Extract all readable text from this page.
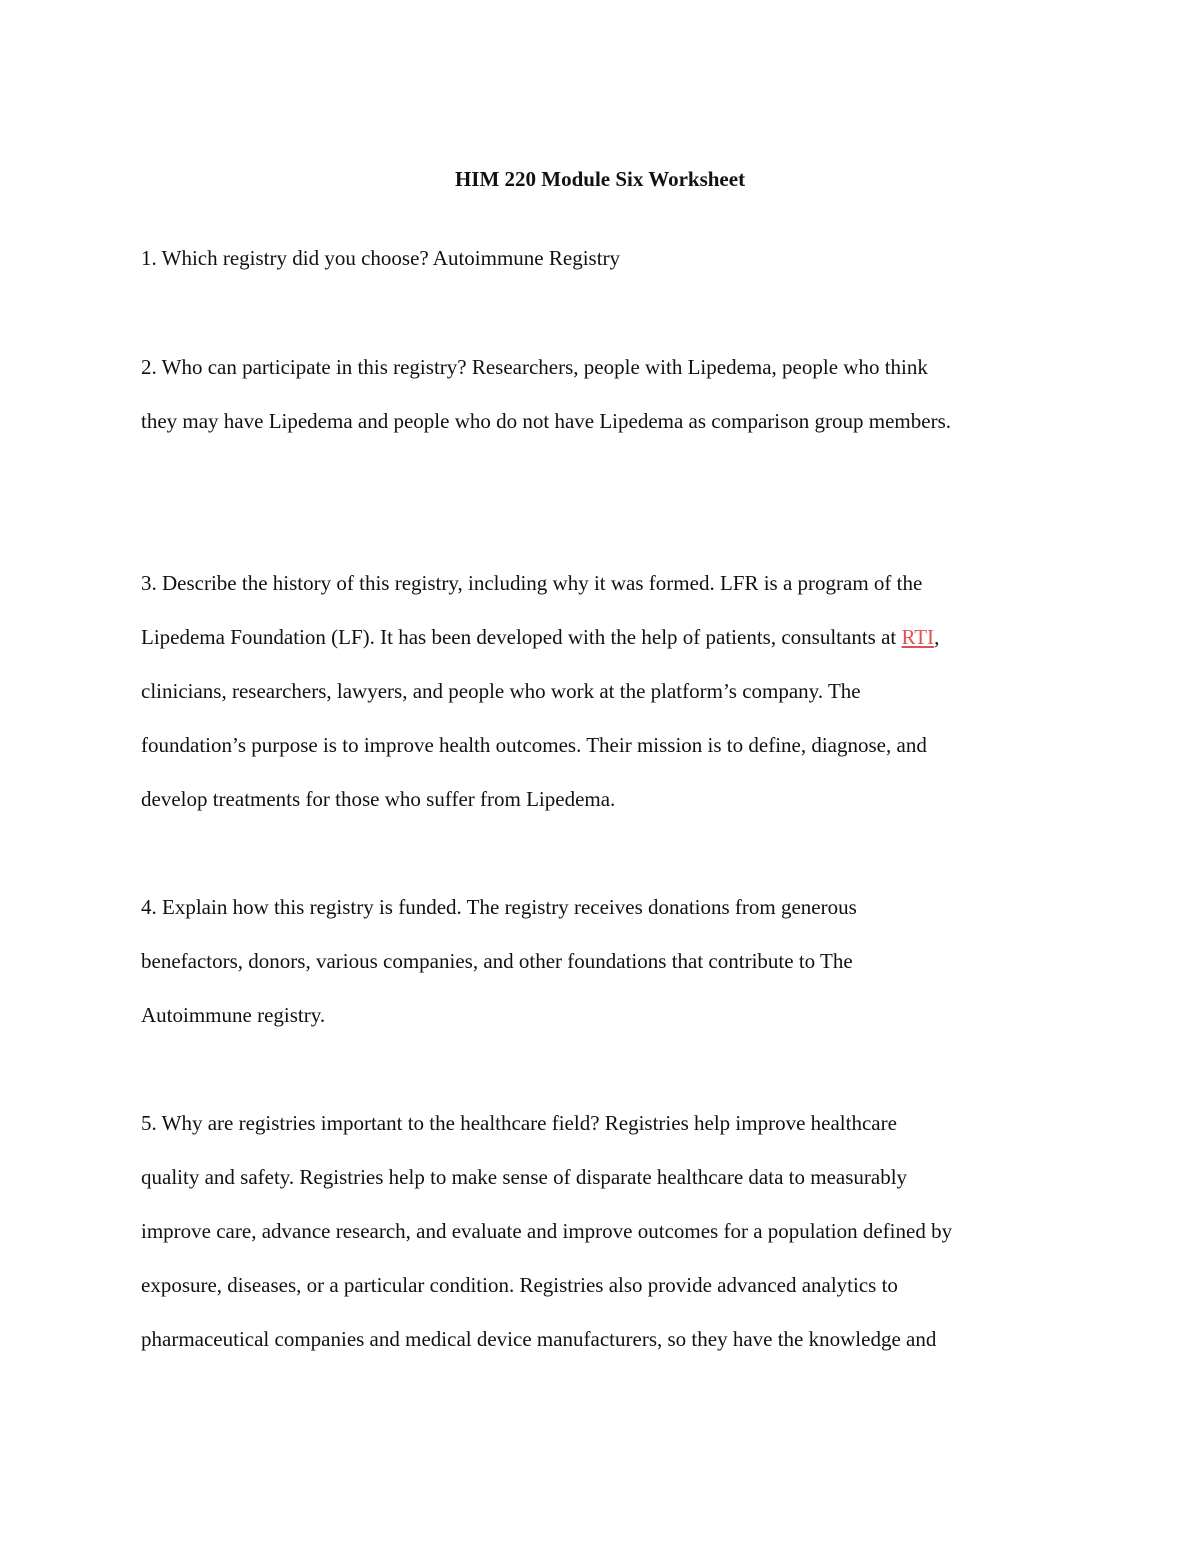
HIM 220 Module Six Worksheet

1. Which registry did you choose? Autoimmune Registry

2. Who can participate in this registry? Researchers, people with Lipedema, people who think
they may have Lipedema and people who do not have Lipedema as comparison group members.

3. Describe the history of this registry, including why it was formed. LFR is a program of the
Lipedema Foundation (LF). It has been developed with the help of patients, consultants at RTI,
clinicians, researchers, lawyers, and people who work at the platform’s company. The
foundation’s purpose is to improve health outcomes. Their mission is to define, diagnose, and
develop treatments for those who suffer from Lipedema.

4. Explain how this registry is funded. The registry receives donations from generous
benefactors, donors, various companies, and other foundations that contribute to The
Autoimmune registry.

5. Why are registries important to the healthcare field? Registries help improve healthcare
quality and safety. Registries help to make sense of disparate healthcare data to measurably
improve care, advance research, and evaluate and improve outcomes for a population defined by
exposure, diseases, or a particular condition. Registries also provide advanced analytics to
pharmaceutical companies and medical device manufacturers, so they have the knowledge and
